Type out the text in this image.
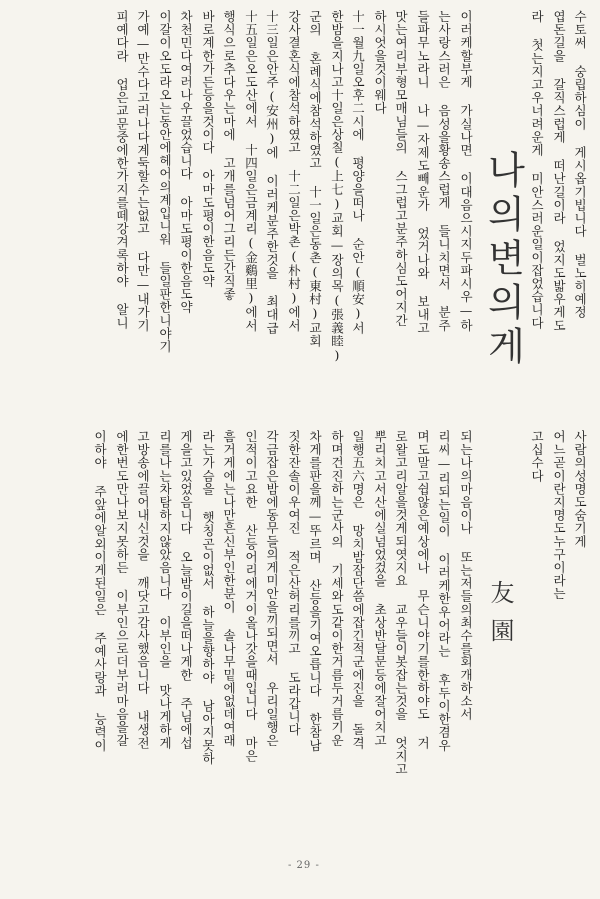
나의변의게
友園
수토써 숭립하심이 게시옵기빕니다 벌노히예정
엽돈길을 갈직스럽게 떠난길이라 었지도밟우게도
라 첫는지고우너려운게 미안스러운일이잡었습니다
이러케할부게 가실나면 이대음으시지두파시우—하
는사랑스러은 음성을황송스럽게 들니치면서 분주
들파무노라니 나—자제도빼운가 었거나와 보내고
맛는여리부형모매님들의 스그럽고분주하심도어지간
하시엇을것이웨다
十一월九일오후二시에 평양을떠나 순안(順安)서
한밤을지나고十일은상칠(上七)교회—장의목(張義睦)
군의 혼례식에참석하였고 十一일은동촌(東村)교회
강사결혼식에참석하였고 十二일은박촌(朴村)에서
十三일은안주(安州)에 이러케분주한것을 최대급
十五일은오도산에서 十四일은금계리(金鷄里)에서
행식으로추다우는마에 고개를넘어그리든간직좋
바로계한가든등을것이다 아마도평이한음도약
차천민다여러나우끌었습니다 아마도평이한음도약
이갈이오도라오는동안에헤어의계입니워 들일판한니야기
가예—만수다고러나다계둑할수는없고 다만—내가기
피예다라 업은교문중에한가지를떼강겨록하야 알니
사람의성명도숨기게
어느곧이란지명도누구이라는
고십수다
되는나의마음이나 또는저들의최수를회개하소서
리씨—리되는일이 이러케한우어라는 후두이한겸우
며도말고쉽않은예상에나 무슨니야기를한하야도 거
로왈고리알을것게되엿지요 교우들이봇잡는것을 엇지고
뿌리치고서산에실넘었겄을 초상반달문등에잘어치고
일행五六명은 망치밤잠단씀에잡긴적군에진을 돌격
하며건진하는군사의 기세와도같이한거름두거름기운
차게를판을께—뚜르며 산등을기여오릅니다 한참남
짓한잔솔이우여진 적은산허리를끼고 도라갑니다
각금잡은밤에동무들의게미안을끼되면서 우리일행은
인적이고요한 산등어리에거이올나갓을때입니다 마은
흠거게에는나만흔신부인한분이 솔나무밑에없데여래
라는가슴을 햇칭곤이없서 하늘을향하야 남아지못하
게을고있었음니다 오늘밤이길을떠나게한 주님에섭
리를나는차탐하지않았음니다 이부인을 맛나게하게
고방송에끌어내신것을 깨닷고감사했음니다 내생전
에한번도만나보지못하든 이부인으로더부러마음을갈
이하야 주앞에알외이게된일은 주예사랑과 능력이
- 29 -
